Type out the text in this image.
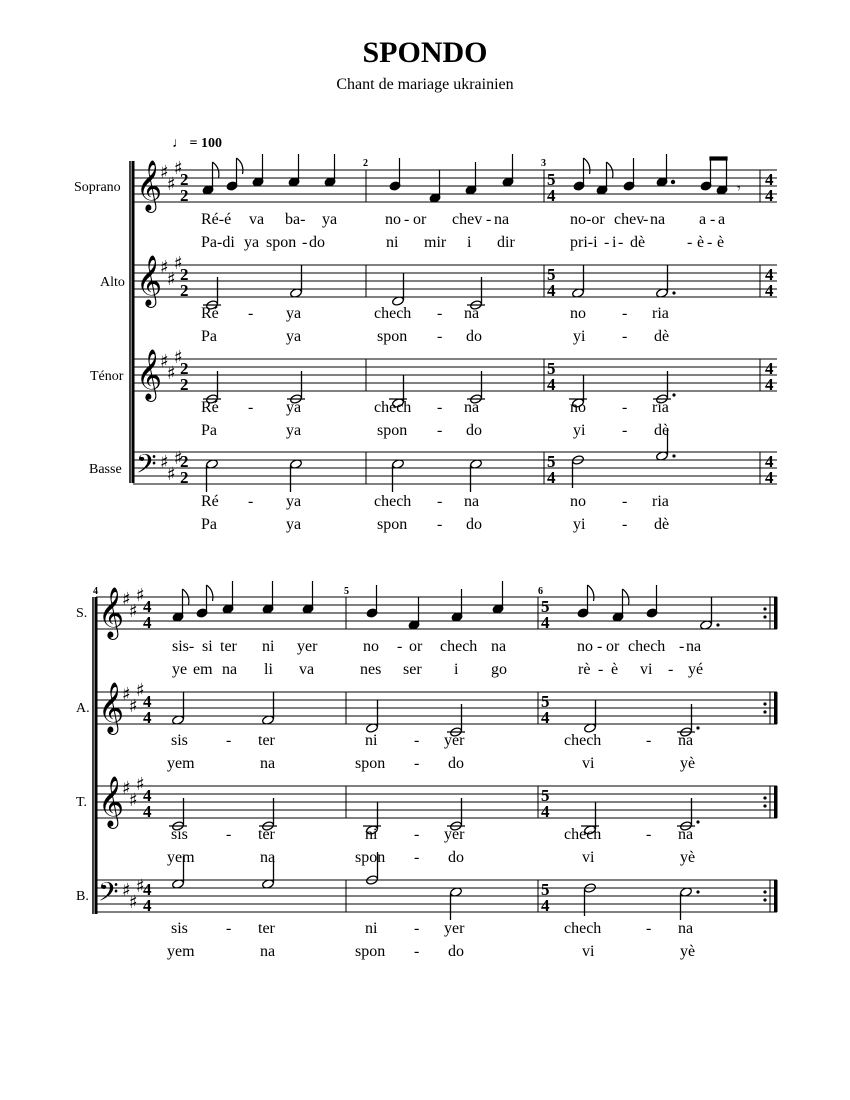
SPONDO
Chant de mariage ukrainien
♩ = 100
2	3
Soprano 𝄞
♯
♯
♯
2
2
5
4
4
4
𝄾
Ré-é va ba- ya	no - or chev - na	no-or chev
- na a - a
Pa-di ya spon - do	ni mir i dir	pri-i - i - dè	- è - è
Alto 𝄞
♯
♯
♯
2
2
5
4
4
4
Ré - ya	chech - na	no - ria
Pa	ya	spon - do	yi - dè
Ténor 𝄞
♯
♯
♯
2
2
5
4
4
4
Ré - ya	chech - na	no - ria
Pa	ya	spon - do	yi - dè
Basse 𝄢 ♯
♯
♯
2
2
5
4
4
4
Ré - ya	chech - na	no - ria
Pa	ya	spon - do	yi - dè
4	5	6
S. 𝄞
♯
♯
♯
4
4
5
4
sis- si ter ni yer	no - or chech na	no - or chech - na
ye em na li va	nes ser i go	rè - è vi - yé
A. 𝄞
♯
♯
♯
4
4
5
4
sis - ter	ni - yer	chech	- na
yem	na	spon - do	vi	yè
T. 𝄞
♯
♯
♯
4
4
5
4
sis - ter	ni - yer	chech	- na
yem	na	spon - do	vi	yè
B. 𝄢 ♯
♯
♯
4
4
5
4
sis - ter	ni - yer	chech	- na
yem	na	spon - do	vi	yè
